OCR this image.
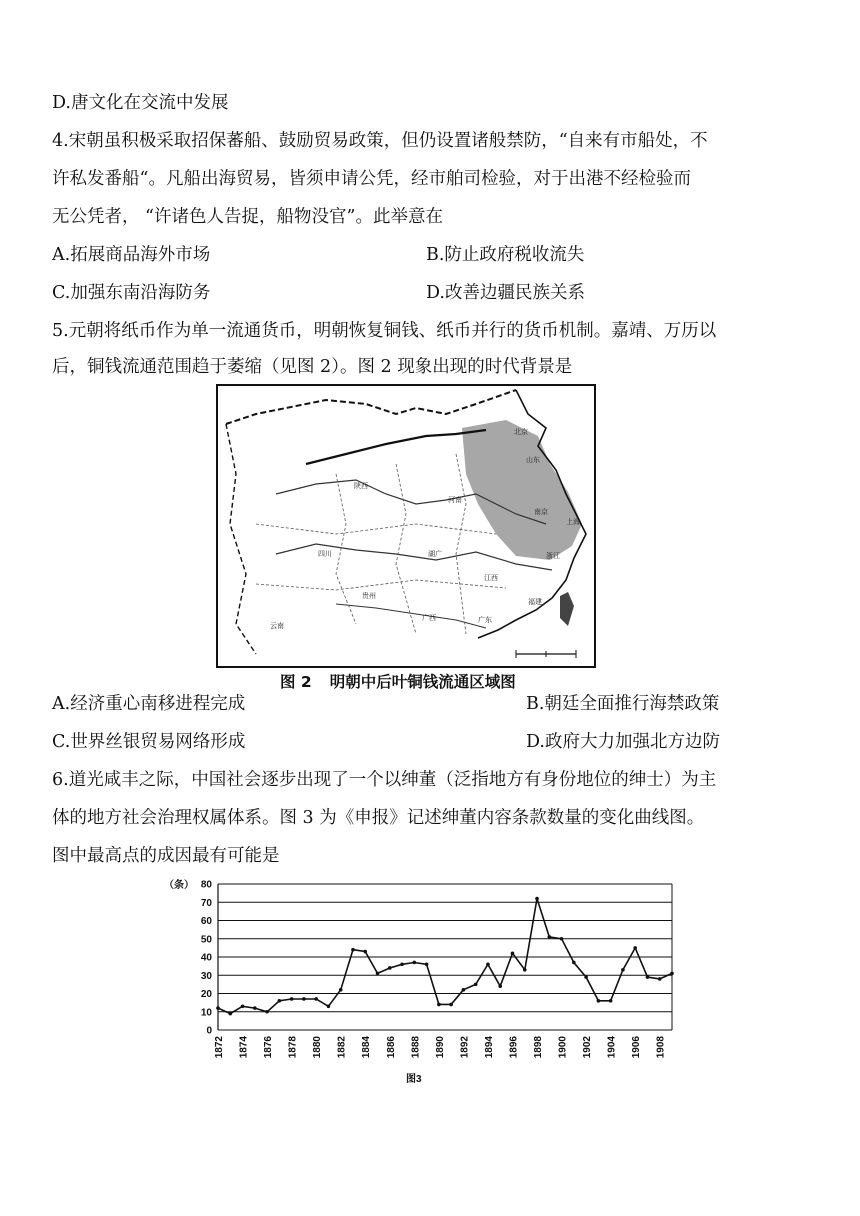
D.唐文化在交流中发展
4.宋朝虽积极采取招保蕃船、鼓励贸易政策，但仍设置诸般禁防，“自来有市船处，不
许私发番船“。凡船出海贸易，皆须申请公凭，经市舶司检验，对于出港不经检验而
无公凭者， “许诸色人告捉，船物没官”。此举意在
A.拓展商品海外市场	B.防止政府税收流失
C.加强东南沿海防务	D.改善边疆民族关系
5.元朝将纸币作为单一流通货币，明朝恢复铜钱、纸币并行的货币机制。嘉靖、万历以
后，铜钱流通范围趋于萎缩（见图 2）。图 2 现象出现的时代背景是
北京
山东
河南
陕西
四川	湖广
江西
浙江
福建
广东
广西
云南
贵州
上海
南京
图 2 明朝中后叶铜钱流通区域图
A.经济重心南移进程完成	B.朝廷全面推行海禁政策
C.世界丝银贸易网络形成	D.政府大力加强北方边防
6.道光咸丰之际，中国社会逐步出现了一个以绅董（泛指地方有身份地位的绅士）为主
体的地方社会治理权属体系。图 3 为《申报》记述绅董内容条款数量的变化曲线图。
图中最高点的成因最有可能是
0
10
20
30
40
50
60
70
80
（条）
1872 1874 1876 1878 1880 1882 1884 1886 1888 1890 1892 1894 1896 1898 1900 1902 1904 1906 1908
图3
